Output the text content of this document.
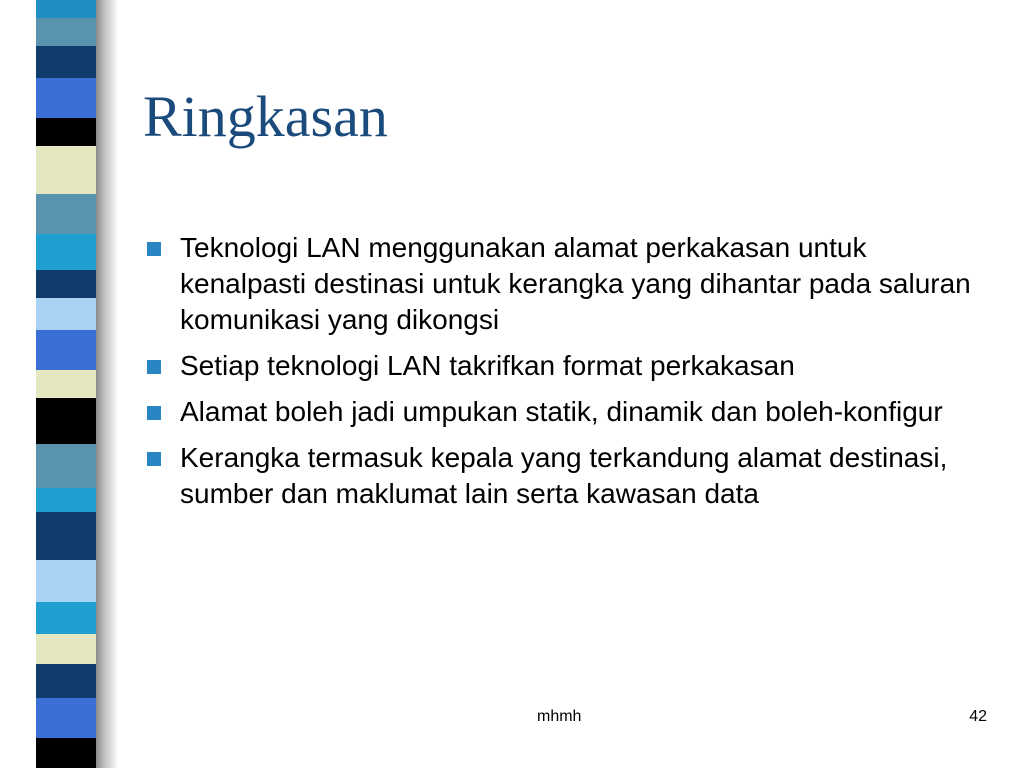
Ringkasan
Teknologi LAN menggunakan alamat perkakasan untuk kenalpasti destinasi untuk kerangka yang dihantar pada saluran komunikasi yang dikongsi
Setiap teknologi LAN takrifkan format perkakasan
Alamat boleh jadi umpukan statik, dinamik dan boleh-konfigur
Kerangka termasuk kepala yang terkandung alamat destinasi, sumber dan maklumat lain serta kawasan data
mhmh	42
